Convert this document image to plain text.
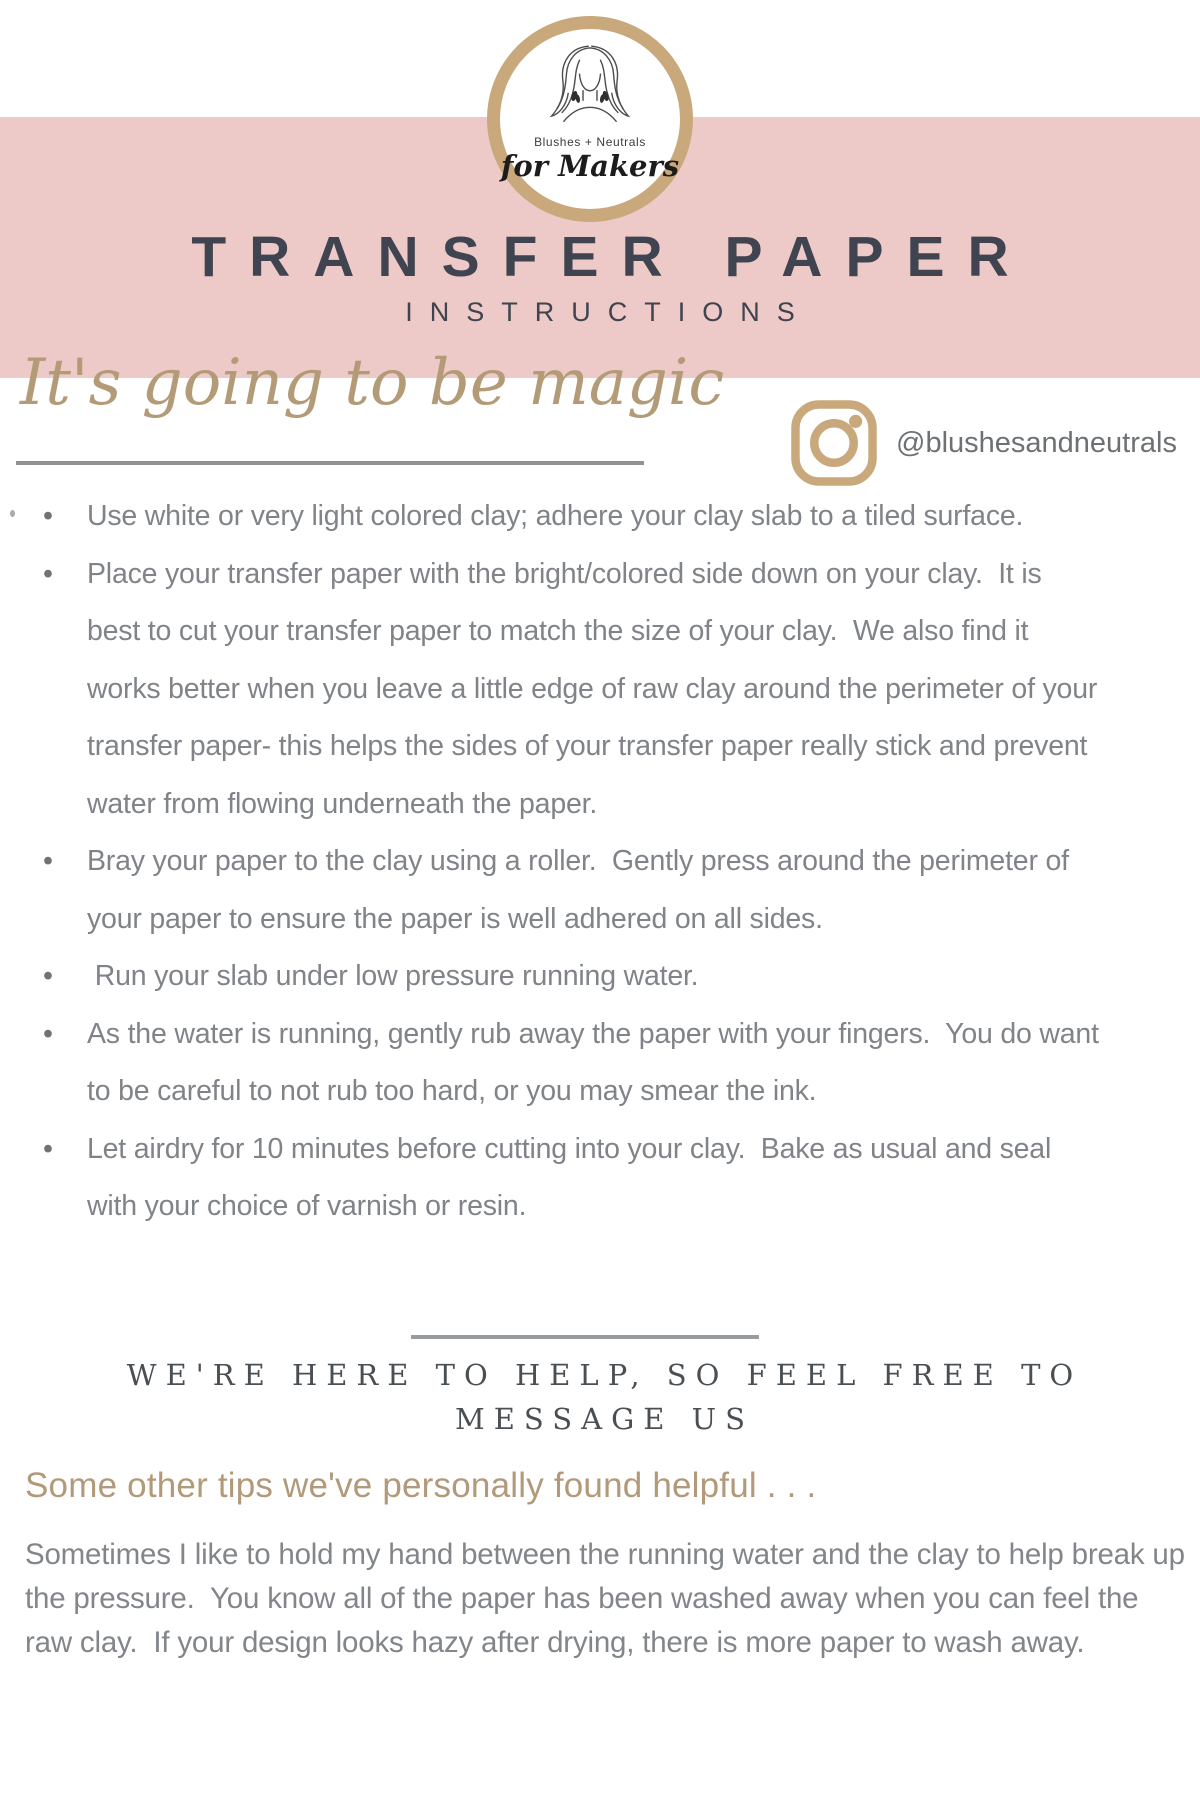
Blushes + Neutrals
for Makers
TRANSFER PAPER
INSTRUCTIONS
It's going to be magic
@blushesandneutrals
• Use white or very light colored clay; adhere your clay slab to a tiled surface.
• Place your transfer paper with the bright/colored side down on your clay.  It is best to cut your transfer paper to match the size of your clay.  We also find it works better when you leave a little edge of raw clay around the perimeter of your transfer paper- this helps the sides of your transfer paper really stick and prevent water from flowing underneath the paper.
• Bray your paper to the clay using a roller.  Gently press around the perimeter of your paper to ensure the paper is well adhered on all sides.
• Run your slab under low pressure running water.
• As the water is running, gently rub away the paper with your fingers.  You do want to be careful to not rub too hard, or you may smear the ink.
• Let airdry for 10 minutes before cutting into your clay.  Bake as usual and seal with your choice of varnish or resin.
WE'RE HERE TO HELP, SO FEEL FREE TO
MESSAGE US
Some other tips we've personally found helpful . . .
Sometimes I like to hold my hand between the running water and the clay to help break up the pressure.  You know all of the paper has been washed away when you can feel the raw clay.  If your design looks hazy after drying, there is more paper to wash away.
